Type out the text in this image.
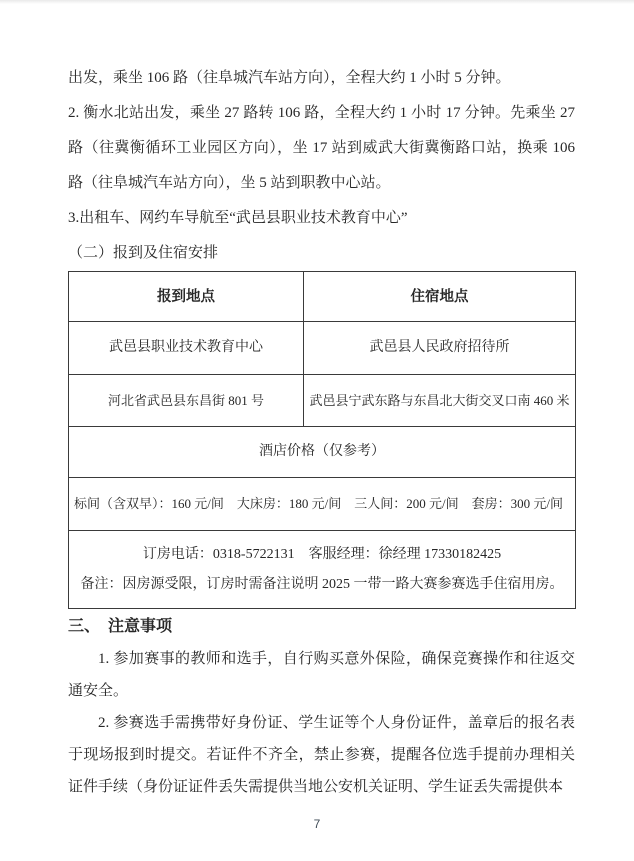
出发，乘坐 106 路（往阜城汽车站方向），全程大约 1 小时 5 分钟。

2. 衡水北站出发，乘坐 27 路转 106 路，全程大约 1 小时 17 分钟。先乘坐 27 路（往冀衡循环工业园区方向），坐 17 站到威武大街冀衡路口站，换乘 106 路（往阜城汽车站方向），坐 5 站到职教中心站。

3.出租车、网约车导航至“武邑县职业技术教育中心”

（二）报到及住宿安排

报到地点	住宿地点
武邑县职业技术教育中心	武邑县人民政府招待所
河北省武邑县东昌街 801 号	武邑县宁武东路与东昌北大街交叉口南 460 米
酒店价格（仅参考）	
标间（含双早）：160 元/间　大床房：180 元/间　三人间：200 元/间　套房：300 元/间	

订房电话：0318-5722131　客服经理：徐经理 17330182425
备注：因房源受限，订房时需备注说明 2025 一带一路大赛参赛选手住宿用房。	

三、　注意事项

1. 参加赛事的教师和选手，自行购买意外保险，确保竞赛操作和往返交通安全。

2. 参赛选手需携带好身份证、学生证等个人身份证件，盖章后的报名表于现场报到时提交。若证件不齐全，禁止参赛，提醒各位选手提前办理相关证件手续（身份证证件丢失需提供当地公安机关证明、学生证丢失需提供本

7
